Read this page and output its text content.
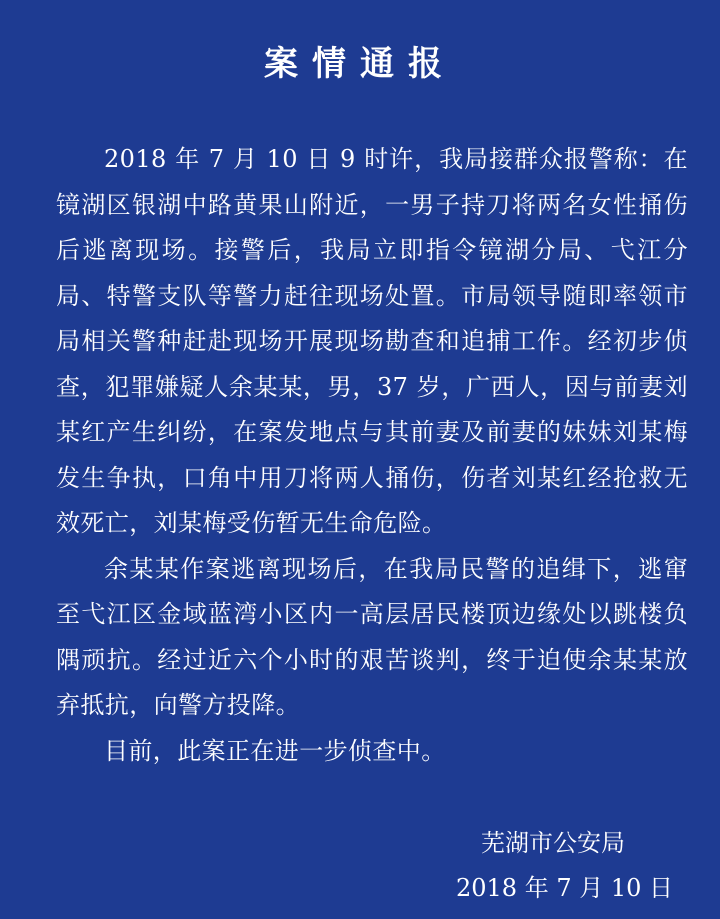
案情通报

2018 年 7 月 10 日 9 时许，我局接群众报警称：在镜湖区银湖中路黄果山附近，一男子持刀将两名女性捅伤后逃离现场。接警后，我局立即指令镜湖分局、弋江分局、特警支队等警力赶往现场处置。市局领导随即率领市局相关警种赶赴现场开展现场勘查和追捕工作。经初步侦查，犯罪嫌疑人余某某，男，37 岁，广西人，因与前妻刘某红产生纠纷，在案发地点与其前妻及前妻的妹妹刘某梅发生争执，口角中用刀将两人捅伤，伤者刘某红经抢救无效死亡，刘某梅受伤暂无生命危险。

余某某作案逃离现场后，在我局民警的追缉下，逃窜至弋江区金域蓝湾小区内一高层居民楼顶边缘处以跳楼负隅顽抗。经过近六个小时的艰苦谈判，终于迫使余某某放弃抵抗，向警方投降。

目前，此案正在进一步侦查中。

芜湖市公安局
2018 年 7 月 10 日
